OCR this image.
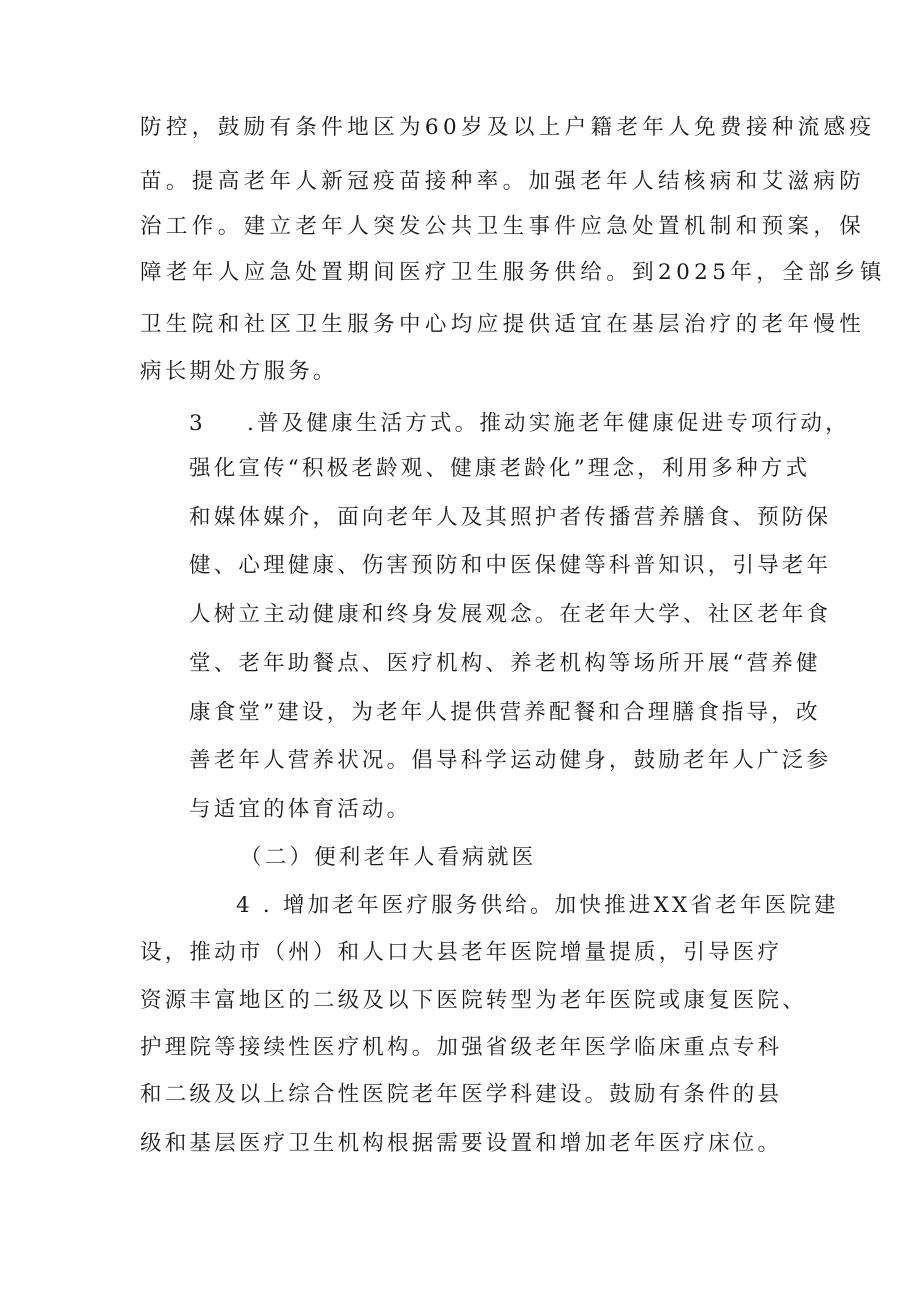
防控，鼓励有条件地区为60岁及以上户籍老年人免费接种流感疫
苗。提高老年人新冠疫苗接种率。加强老年人结核病和艾滋病防
治工作。建立老年人突发公共卫生事件应急处置机制和预案，保
障老年人应急处置期间医疗卫生服务供给。到2025年，全部乡镇
卫生院和社区卫生服务中心均应提供适宜在基层治疗的老年慢性
病长期处方服务。
3 .普及健康生活方式。推动实施老年健康促进专项行动，
强化宣传“积极老龄观、健康老龄化”理念，利用多种方式
和媒体媒介，面向老年人及其照护者传播营养膳食、预防保
健、心理健康、伤害预防和中医保健等科普知识，引导老年
人树立主动健康和终身发展观念。在老年大学、社区老年食
堂、老年助餐点、医疗机构、养老机构等场所开展“营养健
康食堂”建设，为老年人提供营养配餐和合理膳食指导，改
善老年人营养状况。倡导科学运动健身，鼓励老年人广泛参
与适宜的体育活动。
（二）便利老年人看病就医
4 . 增加老年医疗服务供给。加快推进XX省老年医院建
设，推动市（州）和人口大县老年医院增量提质，引导医疗
资源丰富地区的二级及以下医院转型为老年医院或康复医院、
护理院等接续性医疗机构。加强省级老年医学临床重点专科
和二级及以上综合性医院老年医学科建设。鼓励有条件的县
级和基层医疗卫生机构根据需要设置和增加老年医疗床位。
